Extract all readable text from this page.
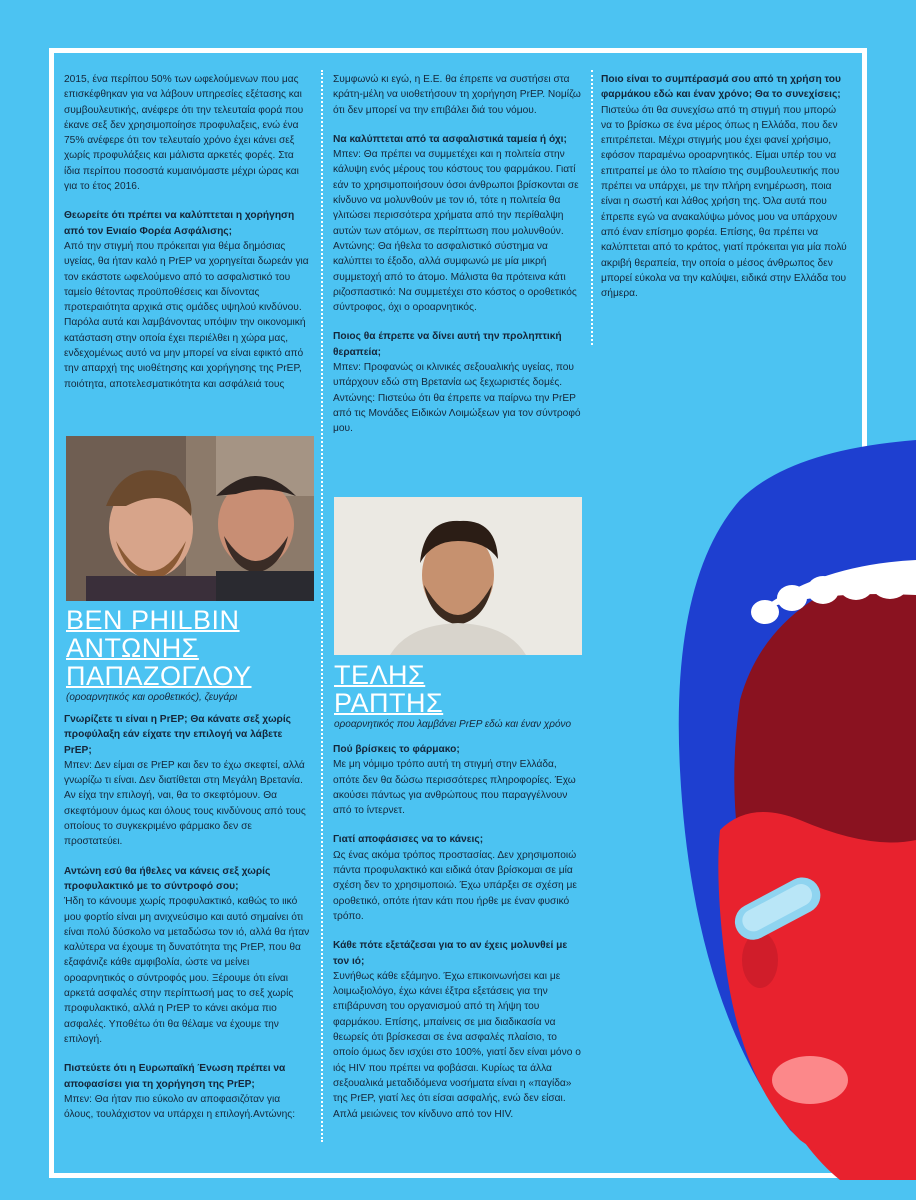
2015, ένα περίπου 50% των ωφελούμενων που μας επισκέφθηκαν για να λάβουν υπηρεσίες εξέτασης και συμβουλευτικής, ανέφερε ότι την τελευταία φορά που έκανε σεξ δεν χρησιμοποίησε προφυλαξεις, ενώ ένα 75% ανέφερε ότι τον τελευταίο χρόνο έχει κάνει σεξ χωρίς προφυλάξεις και μάλιστα αρκετές φορές. Στα ίδια περίπου ποσοστά κυμαινόμαστε μέχρι ώρας και για το έτος 2016.

Θεωρείτε ότι πρέπει να καλύπτεται η χορήγηση από τον Ενιαίο Φορέα Ασφάλισης;

Από την στιγμή που πρόκειται για θέμα δημόσιας υγείας, θα ήταν καλό η PrEP να χορηγείται δωρεάν για τον εκάστοτε ωφελούμενο από το ασφαλιστικό του ταμείο θέτοντας προϋποθέσεις και δίνοντας προτεραιότητα αρχικά στις ομάδες υψηλού κινδύνου. Παρόλα αυτά και λαμβάνοντας υπόψιν την οικονομική κατάσταση στην οποία έχει περιέλθει η χώρα μας, ενδεχομένως αυτό να μην μπορεί να είναι εφικτό από την απαρχή της υιοθέτησης και χορήγησης της PrEP, ποιότητα, αποτελεσματικότητα και ασφάλειά τους

BEN PHILBIN

ΑΝΤΩΝΗΣ

ΠΑΠΑΖΟΓΛΟΥ

(οροαρνητικός και οροθετικός), ζευγάρι

Γνωρίζετε τι είναι η PrEP; Θα κάνατε σεξ χωρίς προφύλαξη εάν είχατε την επιλογή να λάβετε PrEP;

Μπεν: Δεν είμαι σε PrEP και δεν το έχω σκεφτεί, αλλά γνωρίζω τι είναι. Δεν διατίθεται στη Μεγάλη Βρετανία. Αν είχα την επιλογή, ναι, θα το σκεφτόμουν. Θα σκεφτόμουν όμως και όλους τους κινδύνους από τους οποίους το συγκεκριμένο φάρμακο δεν σε προστατεύει.

Αντώνη εσύ θα ήθελες να κάνεις σεξ χωρίς προφυλακτικό με το σύντροφό σου;

Ήδη το κάνουμε χωρίς προφυλακτικό, καθώς το ιικό μου φορτίο είναι μη ανιχνεύσιμο και αυτό σημαίνει ότι είναι πολύ δύσκολο να μεταδώσω τον ιό, αλλά θα ήταν καλύτερα να έχουμε τη δυνατότητα της PrEP, που θα εξαφάνιζε κάθε αμφιβολία, ώστε να μείνει οροαρνητικός ο σύντροφός μου. Ξέρουμε ότι είναι αρκετά ασφαλές στην περίπτωσή μας το σεξ χωρίς προφυλακτικό, αλλά η PrEP το κάνει ακόμα πιο ασφαλές. Υποθέτω ότι θα θέλαμε να έχουμε την επιλογή.

Πιστεύετε ότι η Ευρωπαϊκή Ένωση πρέπει να αποφασίσει για τη χορήγηση της PrEP;

Μπεν: Θα ήταν πιο εύκολο αν αποφασιζόταν για όλους, τουλάχιστον να υπάρχει η επιλογή.Αντώνης:

Συμφωνώ κι εγώ, η Ε.Ε. θα έπρεπε να συστήσει στα κράτη-μέλη να υιοθετήσουν τη χορήγηση PrEP. Νομίζω ότι δεν μπορεί να την επιβάλει διά του νόμου.

Να καλύπτεται από τα ασφαλιστικά ταμεία ή όχι;

Μπεν: Θα πρέπει να συμμετέχει και η πολιτεία στην κάλυψη ενός μέρους του κόστους του φαρμάκου. Γιατί εάν το χρησιμοποιήσουν όσοι άνθρωποι βρίσκονται σε κίνδυνο να μολυνθούν με τον ιό, τότε η πολιτεία θα γλιτώσει περισσότερα χρήματα από την περίθαλψη αυτών των ατόμων, σε περίπτωση που μολυνθούν.
Αντώνης: Θα ήθελα το ασφαλιστικό σύστημα να καλύπτει το έξοδο, αλλά συμφωνώ με μία μικρή συμμετοχή από το άτομο. Μάλιστα θα πρότεινα κάτι ριζοσπαστικό: Να συμμετέχει στο κόστος ο οροθετικός σύντροφος, όχι ο οροαρνητικός.

Ποιος θα έπρεπε να δίνει αυτή την προληπτική θεραπεία;

Μπεν: Προφανώς οι κλινικές σεξουαλικής υγείας, που υπάρχουν εδώ στη Βρετανία ως ξεχωριστές δομές.
Αντώνης: Πιστεύω ότι θα έπρεπε να παίρνω την PrEP από τις Μονάδες Ειδικών Λοιμώξεων για τον σύντροφό μου.

ΤΕΛΗΣ

ΡΑΠΤΗΣ

οροαρνητικός που λαμβάνει PrEP εδώ και έναν χρόνο

Πού βρίσκεις το φάρμακο;

Με μη νόμιμο τρόπο αυτή τη στιγμή στην Ελλάδα, οπότε δεν θα δώσω περισσότερες πληροφορίες. Έχω ακούσει πάντως για ανθρώπους που παραγγέλνουν από το ίντερνετ.

Γιατί αποφάσισες να το κάνεις;

Ως ένας ακόμα τρόπος προστασίας. Δεν χρησιμοποιώ πάντα προφυλακτικό και ειδικά όταν βρίσκομαι σε μία σχέση δεν το χρησιμοποιώ. Έχω υπάρξει σε σχέση με οροθετικό, οπότε ήταν κάτι που ήρθε με έναν φυσικό τρόπο.

Κάθε πότε εξετάζεσαι για το αν έχεις μολυνθεί με τον ιό;

Συνήθως κάθε εξάμηνο. Έχω επικοινωνήσει και με λοιμωξιολόγο, έχω κάνει έξτρα εξετάσεις για την επιβάρυνση του οργανισμού από τη λήψη του φαρμάκου. Επίσης, μπαίνεις σε μια διαδικασία να θεωρείς ότι βρίσκεσαι σε ένα ασφαλές πλαίσιο, το οποίο όμως δεν ισχύει στο 100%, γιατί δεν είναι μόνο ο ιός HIV που πρέπει να φοβάσαι. Κυρίως τα άλλα σεξουαλικά μεταδιδόμενα νοσήματα είναι η «παγίδα» της PrEP, γιατί λες ότι είσαι ασφαλής, ενώ δεν είσαι. Απλά μειώνεις τον κίνδυνο από τον HIV.

Ποιο είναι το συμπέρασμά σου από τη χρήση του φαρμάκου εδώ και έναν χρόνο; Θα το συνεχίσεις;

Πιστεύω ότι θα συνεχίσω από τη στιγμή που μπορώ να το βρίσκω σε ένα μέρος όπως η Ελλάδα, που δεν επιτρέπεται. Μέχρι στιγμής μου έχει φανεί χρήσιμο, εφόσον παραμένω οροαρνητικός. Είμαι υπέρ του να επιτραπεί με όλο το πλαίσιο της συμβουλευτικής που πρέπει να υπάρχει, με την πλήρη ενημέρωση, ποια είναι η σωστή και λάθος χρήση της. Όλα αυτά που έπρεπε εγώ να ανακαλύψω μόνος μου να υπάρχουν από έναν επίσημο φορέα. Επίσης, θα πρέπει να καλύπτεται από το κράτος, γιατί πρόκειται για μία πολύ ακριβή θεραπεία, την οποία ο μέσος άνθρωπος δεν μπορεί εύκολα να την καλύψει, ειδικά στην Ελλάδα του σήμερα.
